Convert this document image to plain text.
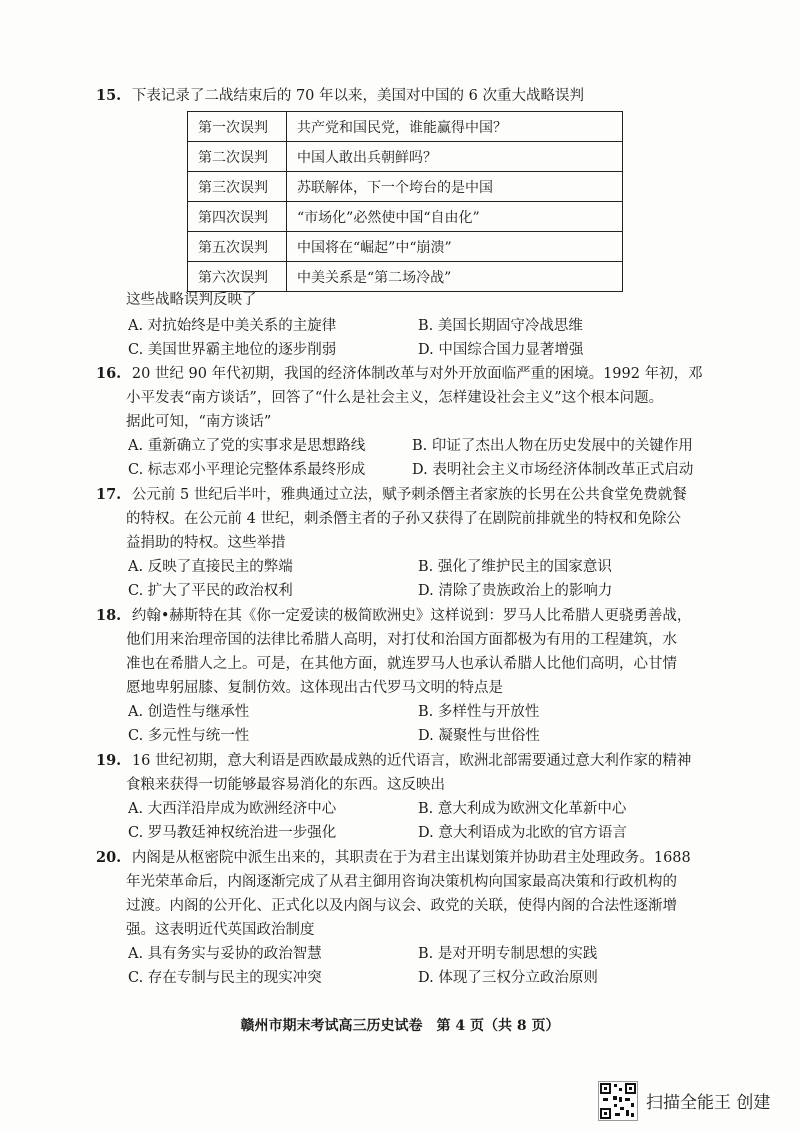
15. 下表记录了二战结束后的 70 年以来，美国对中国的 6 次重大战略误判
第一次误判	共产党和国民党，谁能赢得中国？
第二次误判	中国人敢出兵朝鲜吗？
第三次误判	苏联解体，下一个垮台的是中国
第四次误判	“市场化”必然使中国“自由化”
第五次误判	中国将在“崛起”中“崩溃”
第六次误判	中美关系是“第二场冷战”
这些战略误判反映了
A. 对抗始终是中美关系的主旋律	B. 美国长期固守冷战思维
C. 美国世界霸主地位的逐步削弱	D. 中国综合国力显著增强
16. 20 世纪 90 年代初期，我国的经济体制改革与对外开放面临严重的困境。1992 年初，邓
小平发表“南方谈话”，回答了“什么是社会主义，怎样建设社会主义”这个根本问题。
据此可知，“南方谈话”
A. 重新确立了党的实事求是思想路线	B. 印证了杰出人物在历史发展中的关键作用
C. 标志邓小平理论完整体系最终形成	D. 表明社会主义市场经济体制改革正式启动
17. 公元前 5 世纪后半叶，雅典通过立法，赋予刺杀僭主者家族的长男在公共食堂免费就餐
的特权。在公元前 4 世纪，刺杀僭主者的子孙又获得了在剧院前排就坐的特权和免除公
益捐助的特权。这些举措
A. 反映了直接民主的弊端	B. 强化了维护民主的国家意识
C. 扩大了平民的政治权利	D. 清除了贵族政治上的影响力
18. 约翰•赫斯特在其《你一定爱读的极简欧洲史》这样说到：罗马人比希腊人更骁勇善战，
他们用来治理帝国的法律比希腊人高明，对打仗和治国方面都极为有用的工程建筑，水
准也在希腊人之上。可是，在其他方面，就连罗马人也承认希腊人比他们高明，心甘情
愿地卑躬屈膝、复制仿效。这体现出古代罗马文明的特点是
A. 创造性与继承性	B. 多样性与开放性
C. 多元性与统一性	D. 凝聚性与世俗性
19. 16 世纪初期，意大利语是西欧最成熟的近代语言，欧洲北部需要通过意大利作家的精神
食粮来获得一切能够最容易消化的东西。这反映出
A. 大西洋沿岸成为欧洲经济中心	B. 意大利成为欧洲文化革新中心
C. 罗马教廷神权统治进一步强化	D. 意大利语成为北欧的官方语言
20. 内阁是从枢密院中派生出来的，其职责在于为君主出谋划策并协助君主处理政务。1688
年光荣革命后，内阁逐渐完成了从君主御用咨询决策机构向国家最高决策和行政机构的
过渡。内阁的公开化、正式化以及内阁与议会、政党的关联，使得内阁的合法性逐渐增
强。这表明近代英国政治制度
A. 具有务实与妥协的政治智慧	B. 是对开明专制思想的实践
C. 存在专制与民主的现实冲突	D. 体现了三权分立政治原则
赣州市期末考试高三历史试卷　第 4 页（共 8 页）
扫描全能王 创建
